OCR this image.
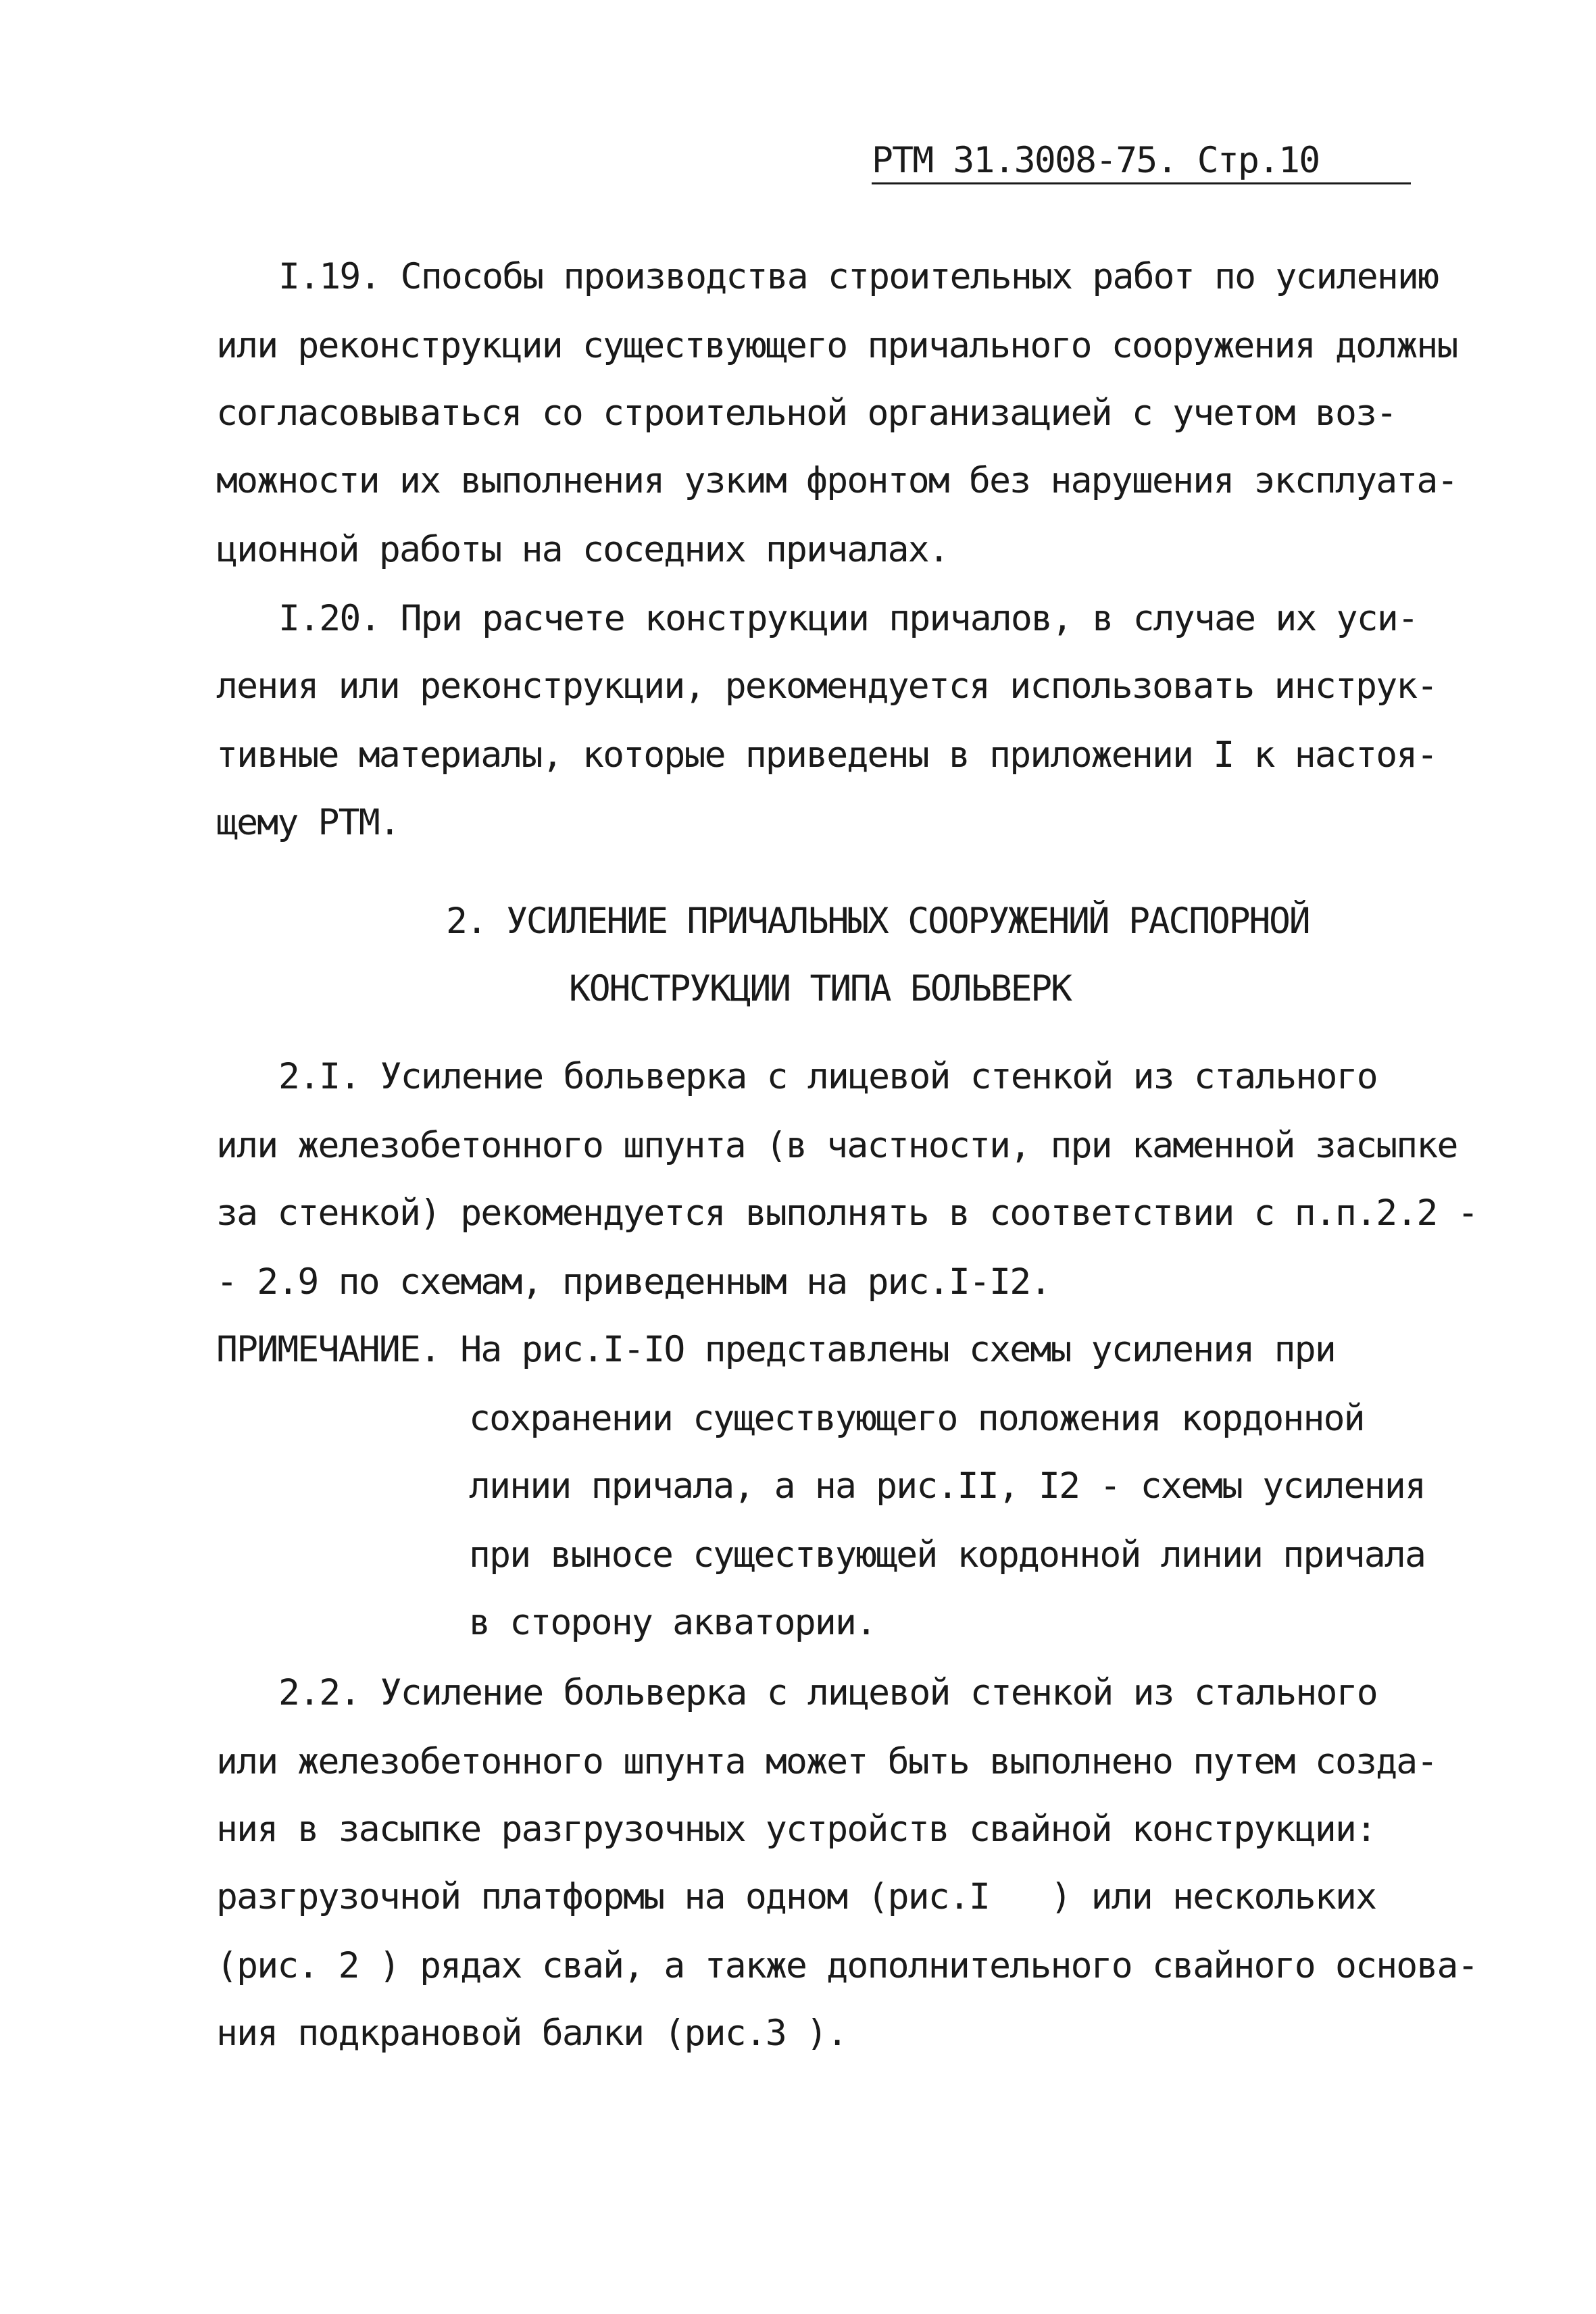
РТМ 31.3008-75. Стр.10
I.19. Способы производства строительных работ по усилению
или реконструкции существующего причального сооружения должны
согласовываться со строительной организацией с учетом воз-
можности их выполнения узким фронтом без нарушения эксплуата-
ционной работы на соседних причалах.
I.20. При расчете конструкции причалов, в случае их уси-
ления или реконструкции, рекомендуется использовать инструк-
тивные материалы, которые приведены в приложении I к настоя-
щему РТМ.
2. УСИЛЕНИЕ ПРИЧАЛЬНЫХ СООРУЖЕНИЙ РАСПОРНОЙ
КОНСТРУКЦИИ ТИПА БОЛЬВЕРК
2.I. Усиление больверка с лицевой стенкой из стального
или железобетонного шпунта (в частности, при каменной засыпке
за стенкой) рекомендуется выполнять в соответствии с п.п.2.2 -
- 2.9 по схемам, приведенным на рис.I-I2.
ПРИМЕЧАНИЕ. На рис.I-IO представлены схемы усиления при
сохранении существующего положения кордонной
линии причала, а на рис.II, I2 - схемы усиления
при выносе существующей кордонной линии причала
в сторону акватории.
2.2. Усиление больверка с лицевой стенкой из стального
или железобетонного шпунта может быть выполнено путем созда-
ния в засыпке разгрузочных устройств свайной конструкции:
разгрузочной платформы на одном (рис.I   ) или нескольких
(рис. 2 ) рядах свай, а также дополнительного свайного основа-
ния подкрановой балки (рис.3 ).
